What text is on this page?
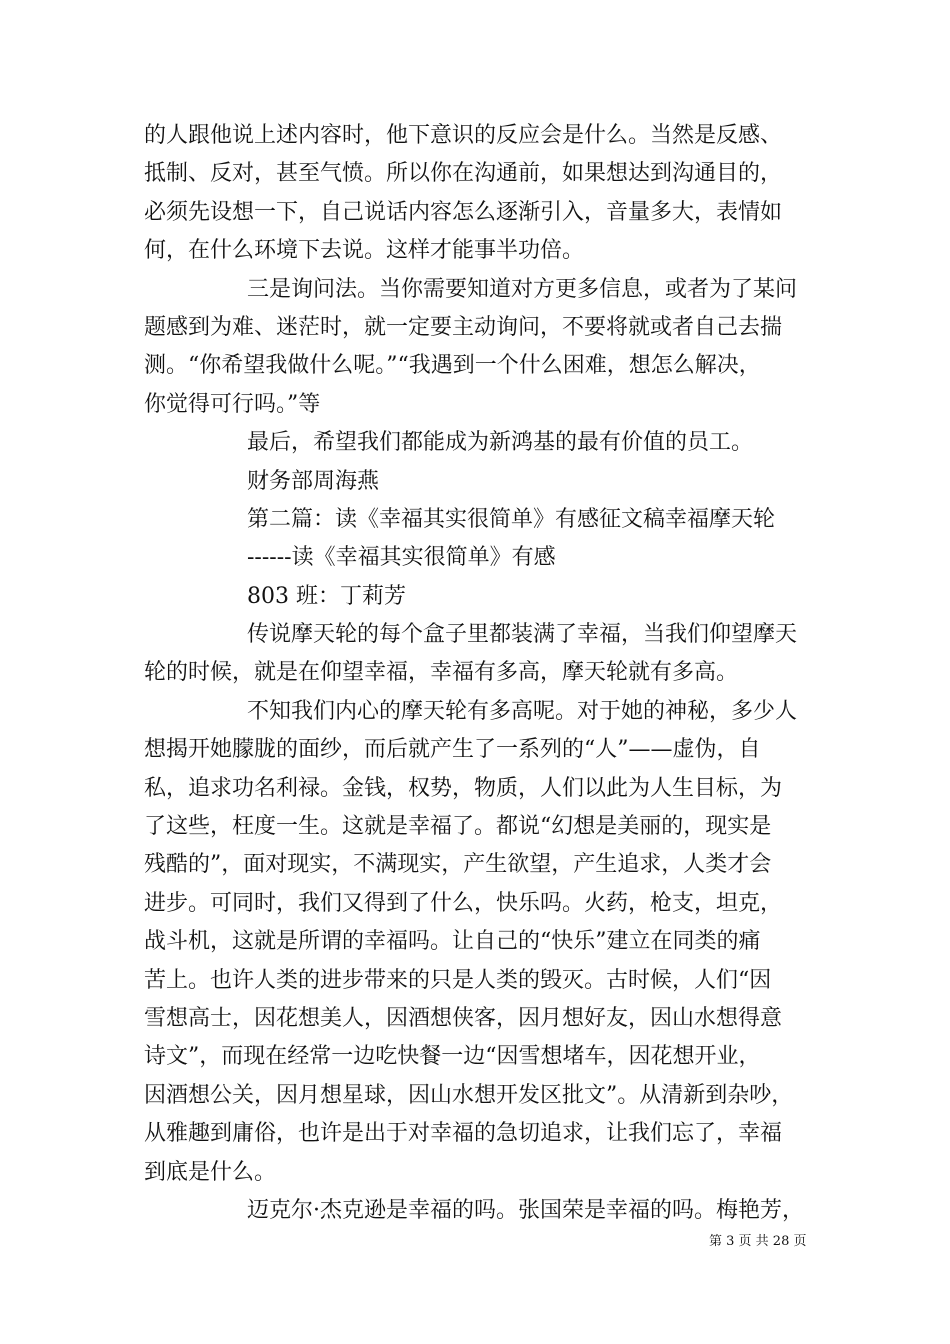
的人跟他说上述内容时，他下意识的反应会是什么。当然是反感、
抵制、反对，甚至气愤。所以你在沟通前，如果想达到沟通目的，
必须先设想一下，自己说话内容怎么逐渐引入，音量多大，表情如
何，在什么环境下去说。这样才能事半功倍。
三是询问法。当你需要知道对方更多信息，或者为了某问
题感到为难、迷茫时，就一定要主动询问，不要将就或者自己去揣
测。“你希望我做什么呢。”“我遇到一个什么困难，想怎么解决，
你觉得可行吗。”等
最后，希望我们都能成为新鸿基的最有价值的员工。
财务部周海燕
第二篇：读《幸福其实很简单》有感征文稿幸福摩天轮
------读《幸福其实很简单》有感
803 班：丁莉芳
传说摩天轮的每个盒子里都装满了幸福，当我们仰望摩天
轮的时候，就是在仰望幸福，幸福有多高，摩天轮就有多高。
不知我们内心的摩天轮有多高呢。对于她的神秘，多少人
想揭开她朦胧的面纱，而后就产生了一系列的“人”——虚伪，自
私，追求功名利禄。金钱，权势，物质，人们以此为人生目标，为
了这些，枉度一生。这就是幸福了。都说“幻想是美丽的，现实是
残酷的”，面对现实，不满现实，产生欲望，产生追求，人类才会
进步。可同时，我们又得到了什么，快乐吗。火药，枪支，坦克，
战斗机，这就是所谓的幸福吗。让自己的“快乐”建立在同类的痛
苦上。也许人类的进步带来的只是人类的毁灭。古时候，人们“因
雪想高士，因花想美人，因酒想侠客，因月想好友，因山水想得意
诗文”，而现在经常一边吃快餐一边“因雪想堵车，因花想开业，
因酒想公关，因月想星球，因山水想开发区批文”。从清新到杂吵，
从雅趣到庸俗，也许是出于对幸福的急切追求，让我们忘了，幸福
到底是什么。
迈克尔·杰克逊是幸福的吗。张国荣是幸福的吗。梅艳芳，
第 3 页 共 28 页
